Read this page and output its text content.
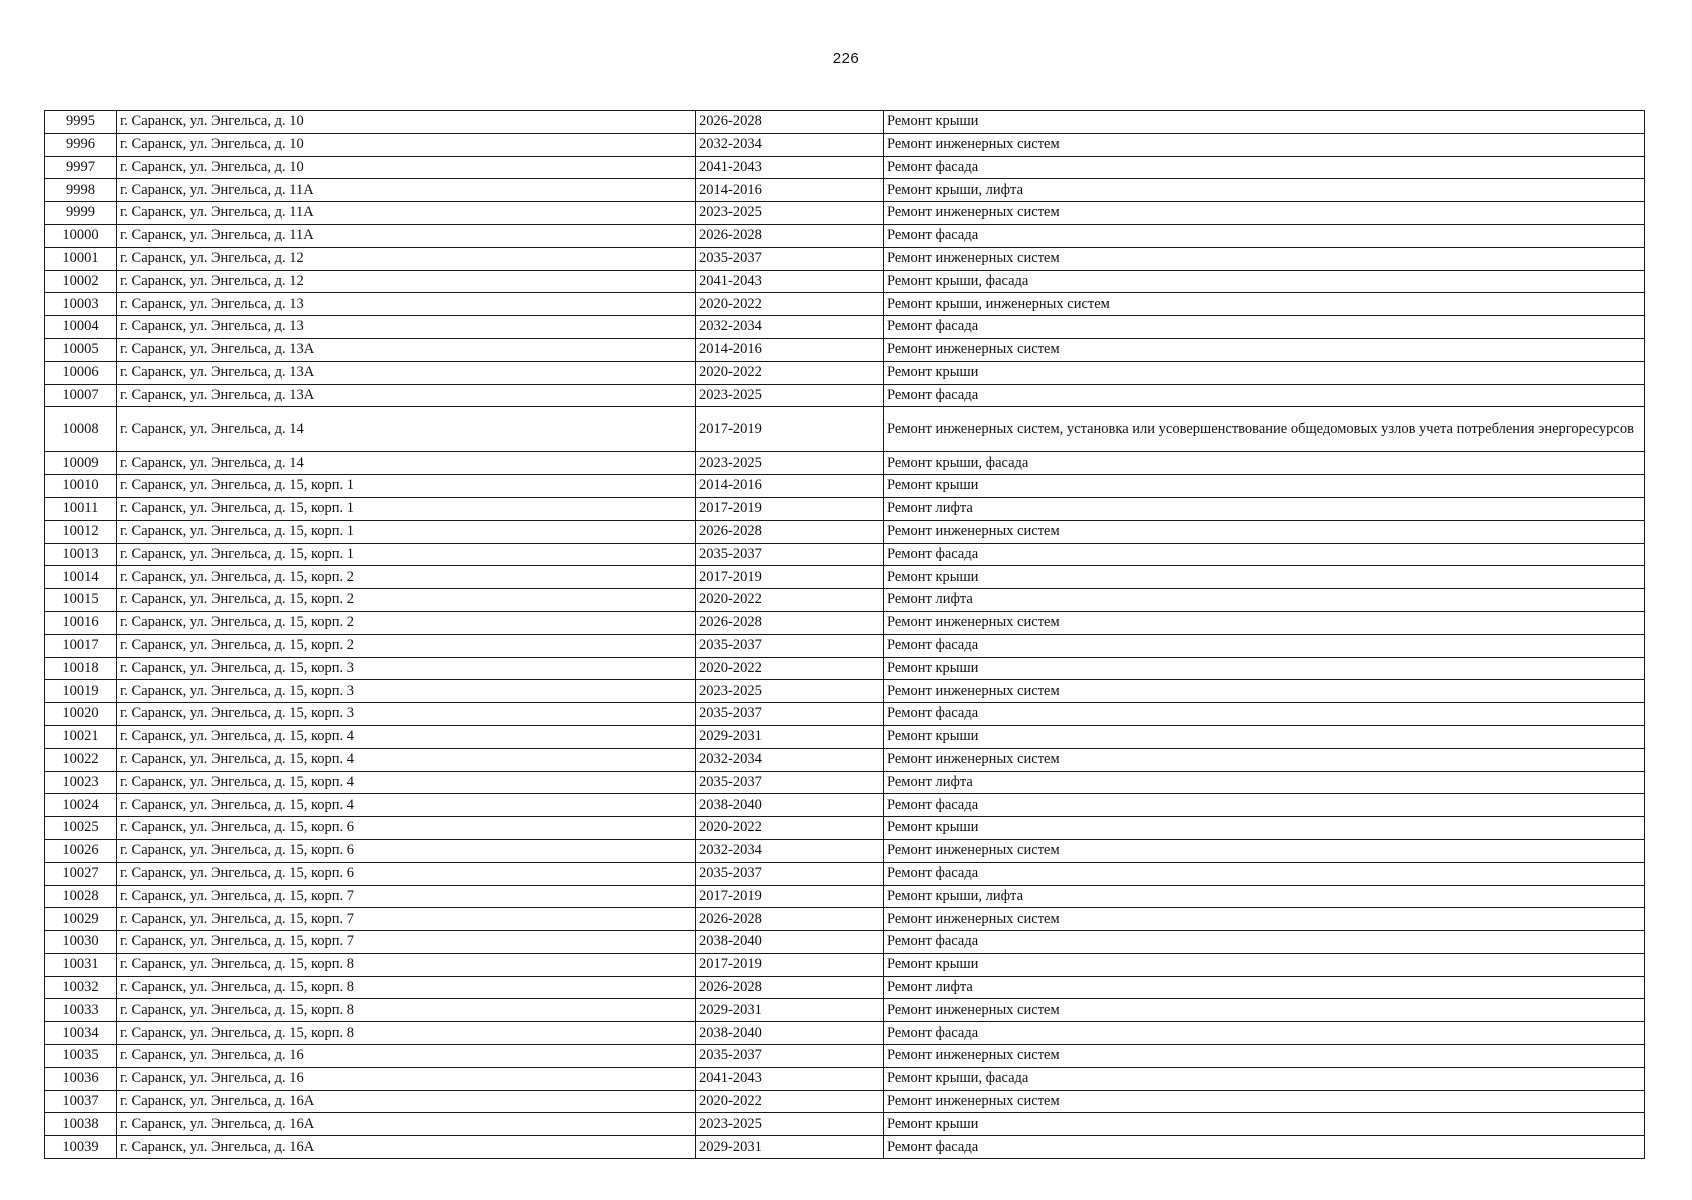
226
9995	г. Саранск, ул. Энгельса, д. 10	2026-2028	Ремонт крыши
9996	г. Саранск, ул. Энгельса, д. 10	2032-2034	Ремонт инженерных систем
9997	г. Саранск, ул. Энгельса, д. 10	2041-2043	Ремонт фасада
9998	г. Саранск, ул. Энгельса, д. 11А	2014-2016	Ремонт крыши, лифта
9999	г. Саранск, ул. Энгельса, д. 11А	2023-2025	Ремонт инженерных систем
10000	г. Саранск, ул. Энгельса, д. 11А	2026-2028	Ремонт фасада
10001	г. Саранск, ул. Энгельса, д. 12	2035-2037	Ремонт инженерных систем
10002	г. Саранск, ул. Энгельса, д. 12	2041-2043	Ремонт крыши, фасада
10003	г. Саранск, ул. Энгельса, д. 13	2020-2022	Ремонт крыши, инженерных систем
10004	г. Саранск, ул. Энгельса, д. 13	2032-2034	Ремонт фасада
10005	г. Саранск, ул. Энгельса, д. 13А	2014-2016	Ремонт инженерных систем
10006	г. Саранск, ул. Энгельса, д. 13А	2020-2022	Ремонт крыши
10007	г. Саранск, ул. Энгельса, д. 13А	2023-2025	Ремонт фасада
10008	г. Саранск, ул. Энгельса, д. 14	2017-2019	Ремонт инженерных систем, установка или усовершенствование общедомовых узлов учета потребления энергоресурсов
10009	г. Саранск, ул. Энгельса, д. 14	2023-2025	Ремонт крыши, фасада
10010	г. Саранск, ул. Энгельса, д. 15, корп. 1	2014-2016	Ремонт крыши
10011	г. Саранск, ул. Энгельса, д. 15, корп. 1	2017-2019	Ремонт лифта
10012	г. Саранск, ул. Энгельса, д. 15, корп. 1	2026-2028	Ремонт инженерных систем
10013	г. Саранск, ул. Энгельса, д. 15, корп. 1	2035-2037	Ремонт фасада
10014	г. Саранск, ул. Энгельса, д. 15, корп. 2	2017-2019	Ремонт крыши
10015	г. Саранск, ул. Энгельса, д. 15, корп. 2	2020-2022	Ремонт лифта
10016	г. Саранск, ул. Энгельса, д. 15, корп. 2	2026-2028	Ремонт инженерных систем
10017	г. Саранск, ул. Энгельса, д. 15, корп. 2	2035-2037	Ремонт фасада
10018	г. Саранск, ул. Энгельса, д. 15, корп. 3	2020-2022	Ремонт крыши
10019	г. Саранск, ул. Энгельса, д. 15, корп. 3	2023-2025	Ремонт инженерных систем
10020	г. Саранск, ул. Энгельса, д. 15, корп. 3	2035-2037	Ремонт фасада
10021	г. Саранск, ул. Энгельса, д. 15, корп. 4	2029-2031	Ремонт крыши
10022	г. Саранск, ул. Энгельса, д. 15, корп. 4	2032-2034	Ремонт инженерных систем
10023	г. Саранск, ул. Энгельса, д. 15, корп. 4	2035-2037	Ремонт лифта
10024	г. Саранск, ул. Энгельса, д. 15, корп. 4	2038-2040	Ремонт фасада
10025	г. Саранск, ул. Энгельса, д. 15, корп. 6	2020-2022	Ремонт крыши
10026	г. Саранск, ул. Энгельса, д. 15, корп. 6	2032-2034	Ремонт инженерных систем
10027	г. Саранск, ул. Энгельса, д. 15, корп. 6	2035-2037	Ремонт фасада
10028	г. Саранск, ул. Энгельса, д. 15, корп. 7	2017-2019	Ремонт крыши, лифта
10029	г. Саранск, ул. Энгельса, д. 15, корп. 7	2026-2028	Ремонт инженерных систем
10030	г. Саранск, ул. Энгельса, д. 15, корп. 7	2038-2040	Ремонт фасада
10031	г. Саранск, ул. Энгельса, д. 15, корп. 8	2017-2019	Ремонт крыши
10032	г. Саранск, ул. Энгельса, д. 15, корп. 8	2026-2028	Ремонт лифта
10033	г. Саранск, ул. Энгельса, д. 15, корп. 8	2029-2031	Ремонт инженерных систем
10034	г. Саранск, ул. Энгельса, д. 15, корп. 8	2038-2040	Ремонт фасада
10035	г. Саранск, ул. Энгельса, д. 16	2035-2037	Ремонт инженерных систем
10036	г. Саранск, ул. Энгельса, д. 16	2041-2043	Ремонт крыши, фасада
10037	г. Саранск, ул. Энгельса, д. 16А	2020-2022	Ремонт инженерных систем
10038	г. Саранск, ул. Энгельса, д. 16А	2023-2025	Ремонт крыши
10039	г. Саранск, ул. Энгельса, д. 16А	2029-2031	Ремонт фасада
